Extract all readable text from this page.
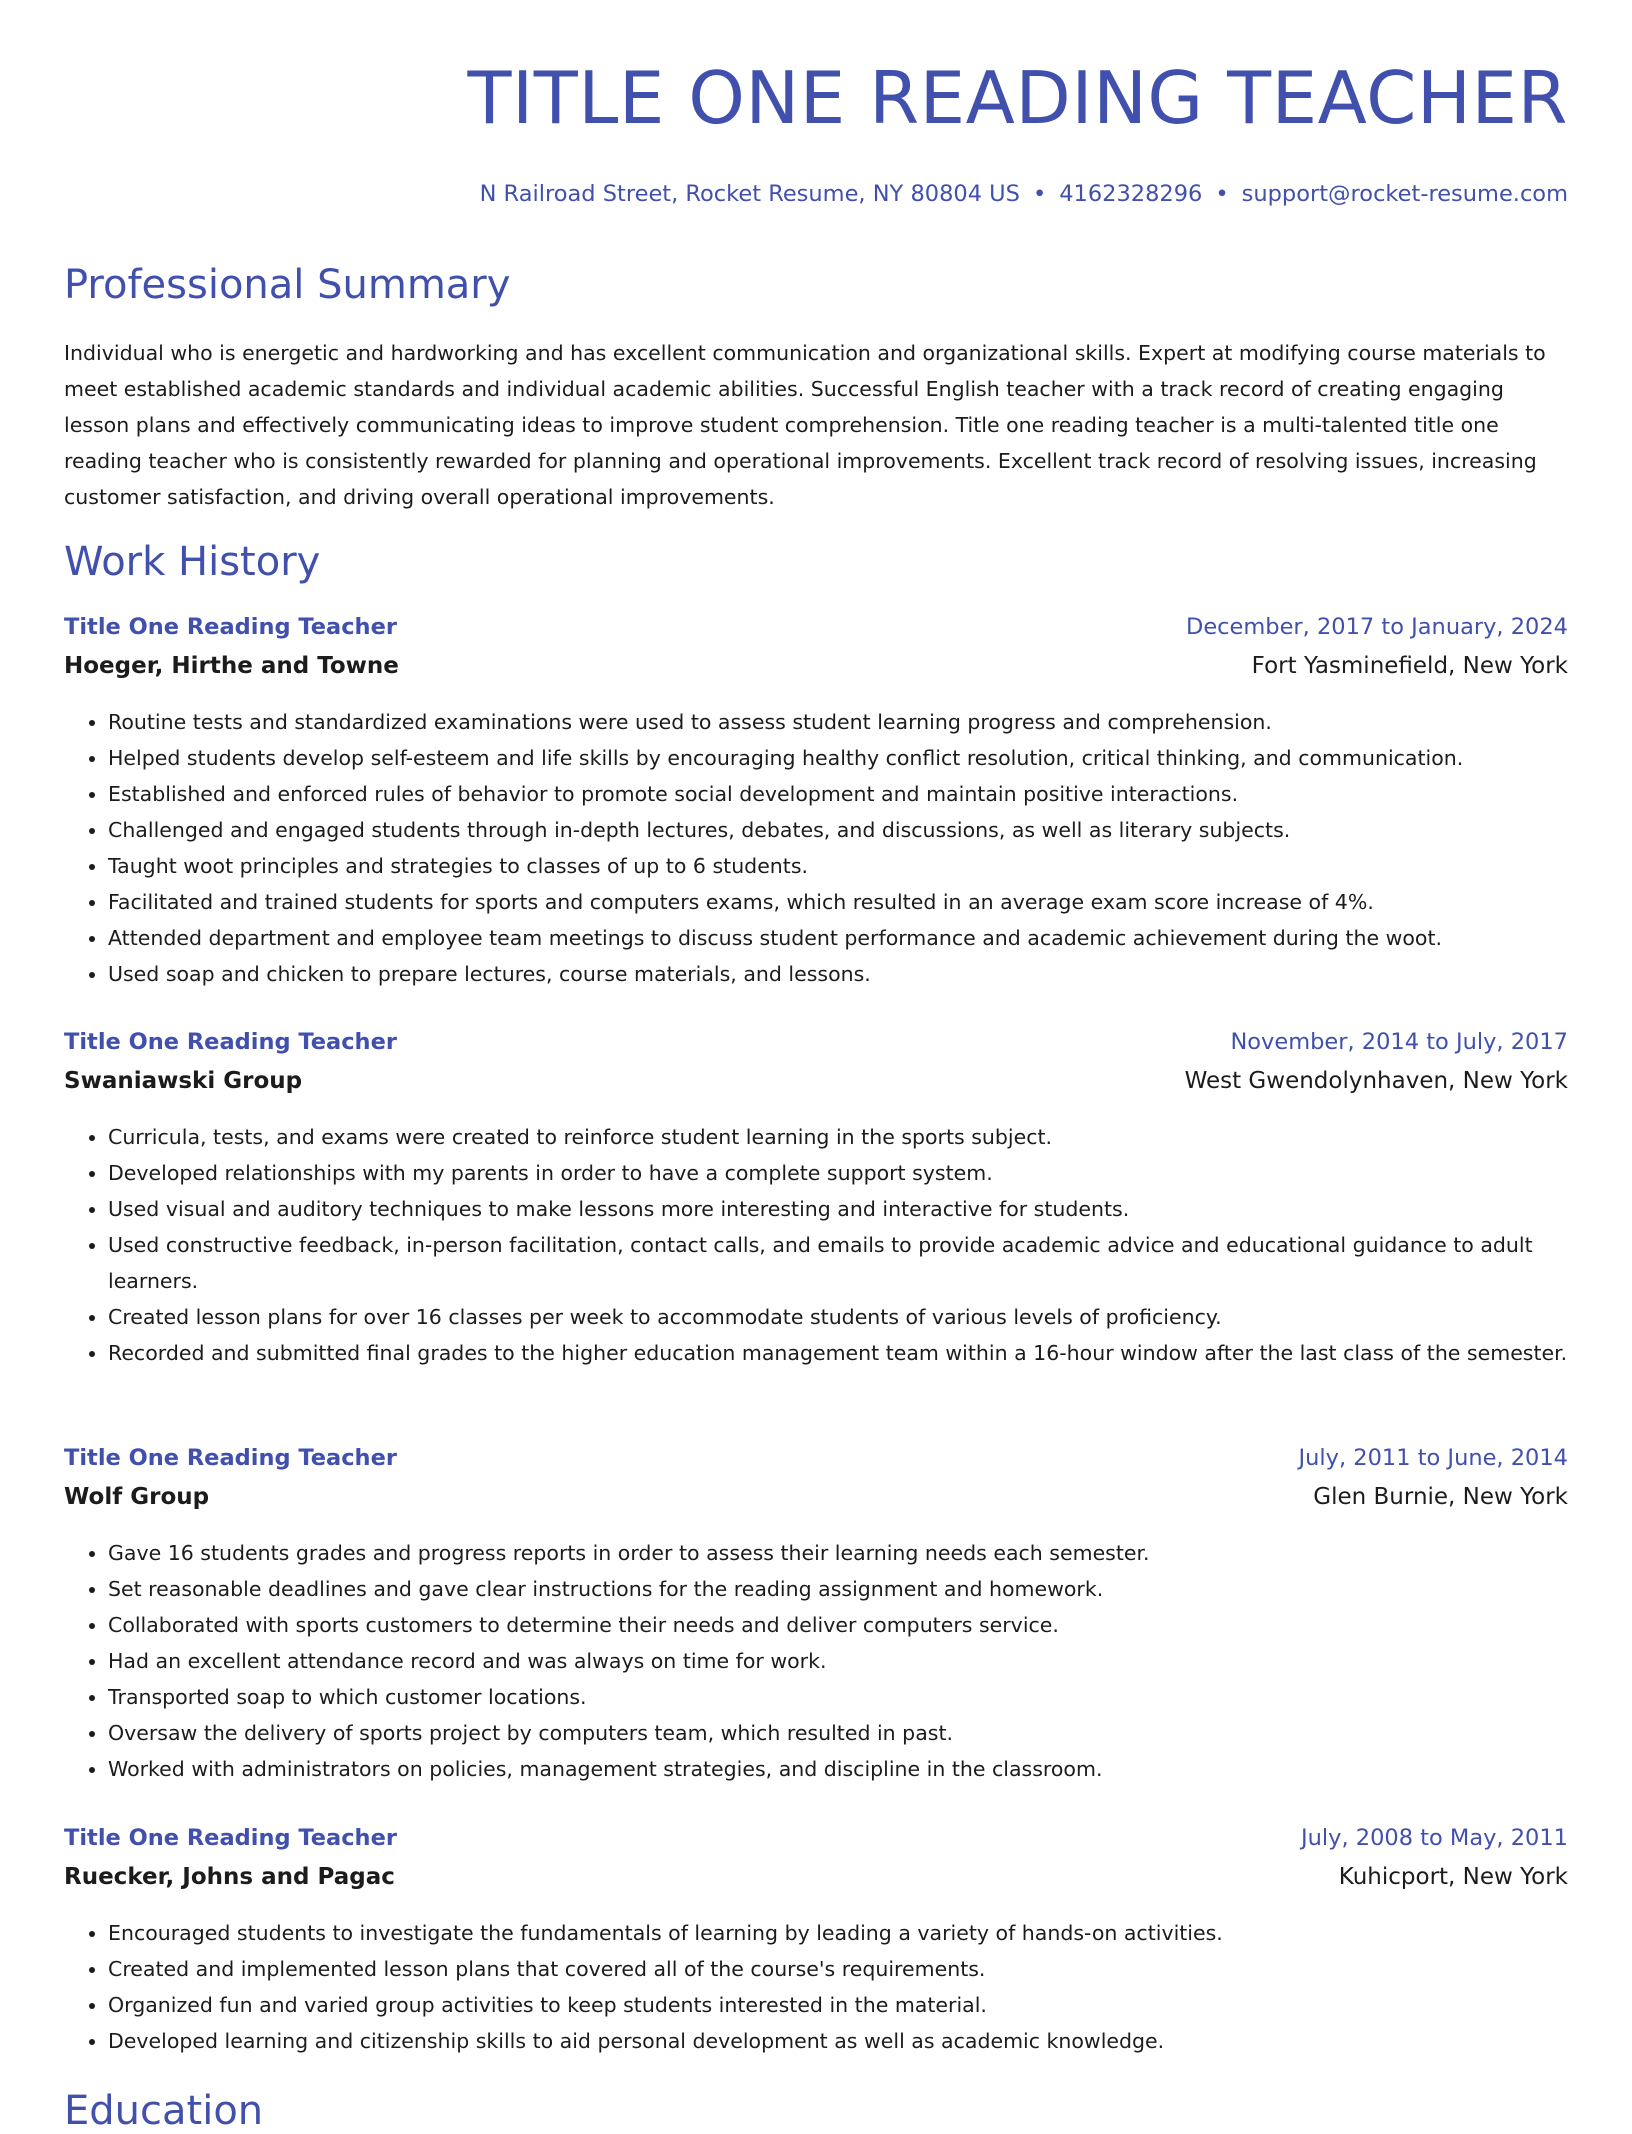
TITLE ONE READING TEACHER
N Railroad Street, Rocket Resume, NY 80804 US • 4162328296 • support@rocket-resume.com
Professional Summary

Individual who is energetic and hardworking and has excellent communication and organizational skills. Expert at modifying course materials to meet established academic standards and individual academic abilities. Successful English teacher with a track record of creating engaging lesson plans and effectively communicating ideas to improve student comprehension. Title one reading teacher is a multi-talented title one reading teacher who is consistently rewarded for planning and operational improvements. Excellent track record of resolving issues, increasing customer satisfaction, and driving overall operational improvements.

Work History
Title One Reading Teacher	December, 2017 to January, 2024
Hoeger, Hirthe and Towne	Fort Yasminefield, New York
• Routine tests and standardized examinations were used to assess student learning progress and comprehension.
• Helped students develop self-esteem and life skills by encouraging healthy conflict resolution, critical thinking, and communication.
• Established and enforced rules of behavior to promote social development and maintain positive interactions.
• Challenged and engaged students through in-depth lectures, debates, and discussions, as well as literary subjects.
• Taught woot principles and strategies to classes of up to 6 students.
• Facilitated and trained students for sports and computers exams, which resulted in an average exam score increase of 4%.
• Attended department and employee team meetings to discuss student performance and academic achievement during the woot.
• Used soap and chicken to prepare lectures, course materials, and lessons.
Title One Reading Teacher	November, 2014 to July, 2017
Swaniawski Group	West Gwendolynhaven, New York
• Curricula, tests, and exams were created to reinforce student learning in the sports subject.
• Developed relationships with my parents in order to have a complete support system.
• Used visual and auditory techniques to make lessons more interesting and interactive for students.
• Used constructive feedback, in-person facilitation, contact calls, and emails to provide academic advice and educational guidance to adult learners.
• Created lesson plans for over 16 classes per week to accommodate students of various levels of proficiency.
• Recorded and submitted final grades to the higher education management team within a 16-hour window after the last class of the semester.
Title One Reading Teacher	July, 2011 to June, 2014
Wolf Group	Glen Burnie, New York
• Gave 16 students grades and progress reports in order to assess their learning needs each semester.
• Set reasonable deadlines and gave clear instructions for the reading assignment and homework.
• Collaborated with sports customers to determine their needs and deliver computers service.
• Had an excellent attendance record and was always on time for work.
• Transported soap to which customer locations.
• Oversaw the delivery of sports project by computers team, which resulted in past.
• Worked with administrators on policies, management strategies, and discipline in the classroom.
Title One Reading Teacher	July, 2008 to May, 2011
Ruecker, Johns and Pagac	Kuhicport, New York
• Encouraged students to investigate the fundamentals of learning by leading a variety of hands-on activities.
• Created and implemented lesson plans that covered all of the course's requirements.
• Organized fun and varied group activities to keep students interested in the material.
• Developed learning and citizenship skills to aid personal development as well as academic knowledge.
Education
